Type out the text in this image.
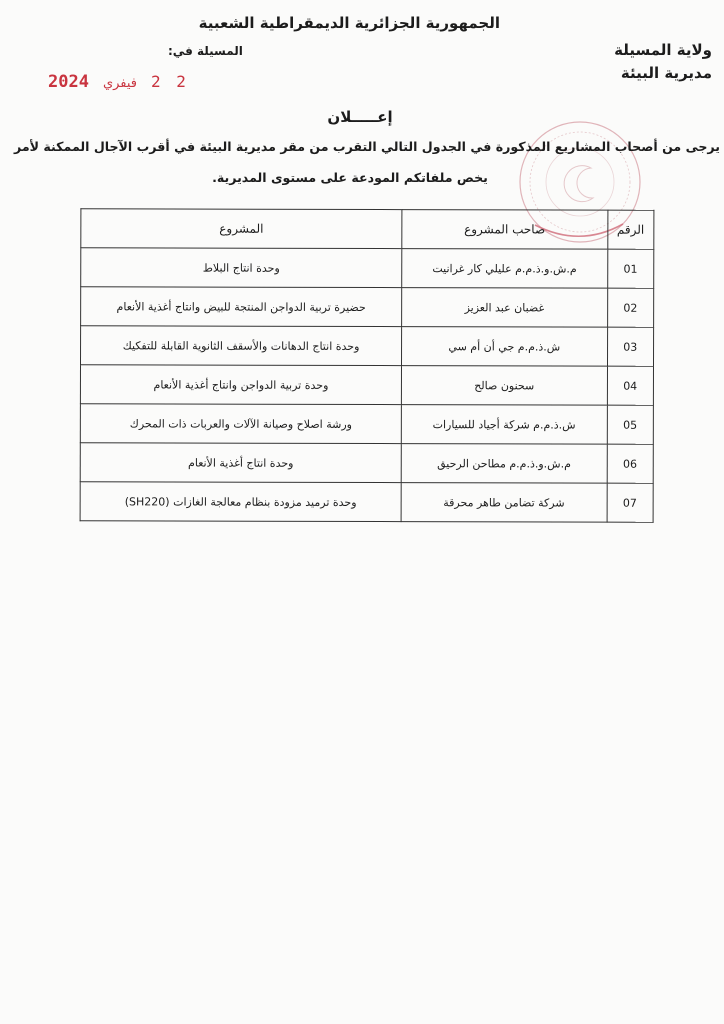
الجمهورية الجزائرية الديمقراطية الشعبية
ولاية المسيلة
مديرية البيئة
المسيلة في:
2024 فيفري 2 2
إعـــــلان
يرجى من أصحاب المشاريع المذكورة في الجدول التالي التقرب من مقر مديرية البيئة في أقرب الآجال الممكنة لأمر
يخص ملفاتكم المودعة على مستوى المديرية.
الرقم	صاحب المشروع	المشروع
01	م.ش.و.ذ.م.م عليلي كار غرانيت	وحدة انتاج البلاط
02	غضبان عبد العزيز	حضيرة تربية الدواجن المنتجة للبيض وانتاج أغذية الأنعام
03	ش.ذ.م.م جي أن أم سي	وحدة انتاج الدهانات والأسقف الثانوية القابلة للتفكيك
04	سحنون صالح	وحدة تربية الدواجن وانتاج أغذية الأنعام
05	ش.ذ.م.م شركة أجياد للسيارات	ورشة اصلاح وصيانة الآلات والعربات ذات المحرك
06	م.ش.و.ذ.م.م مطاحن الرحيق	وحدة انتاج أغذية الأنعام
07	شركة تضامن طاهر محرقة	وحدة ترميد مزودة بنظام معالجة الغازات (SH220)
